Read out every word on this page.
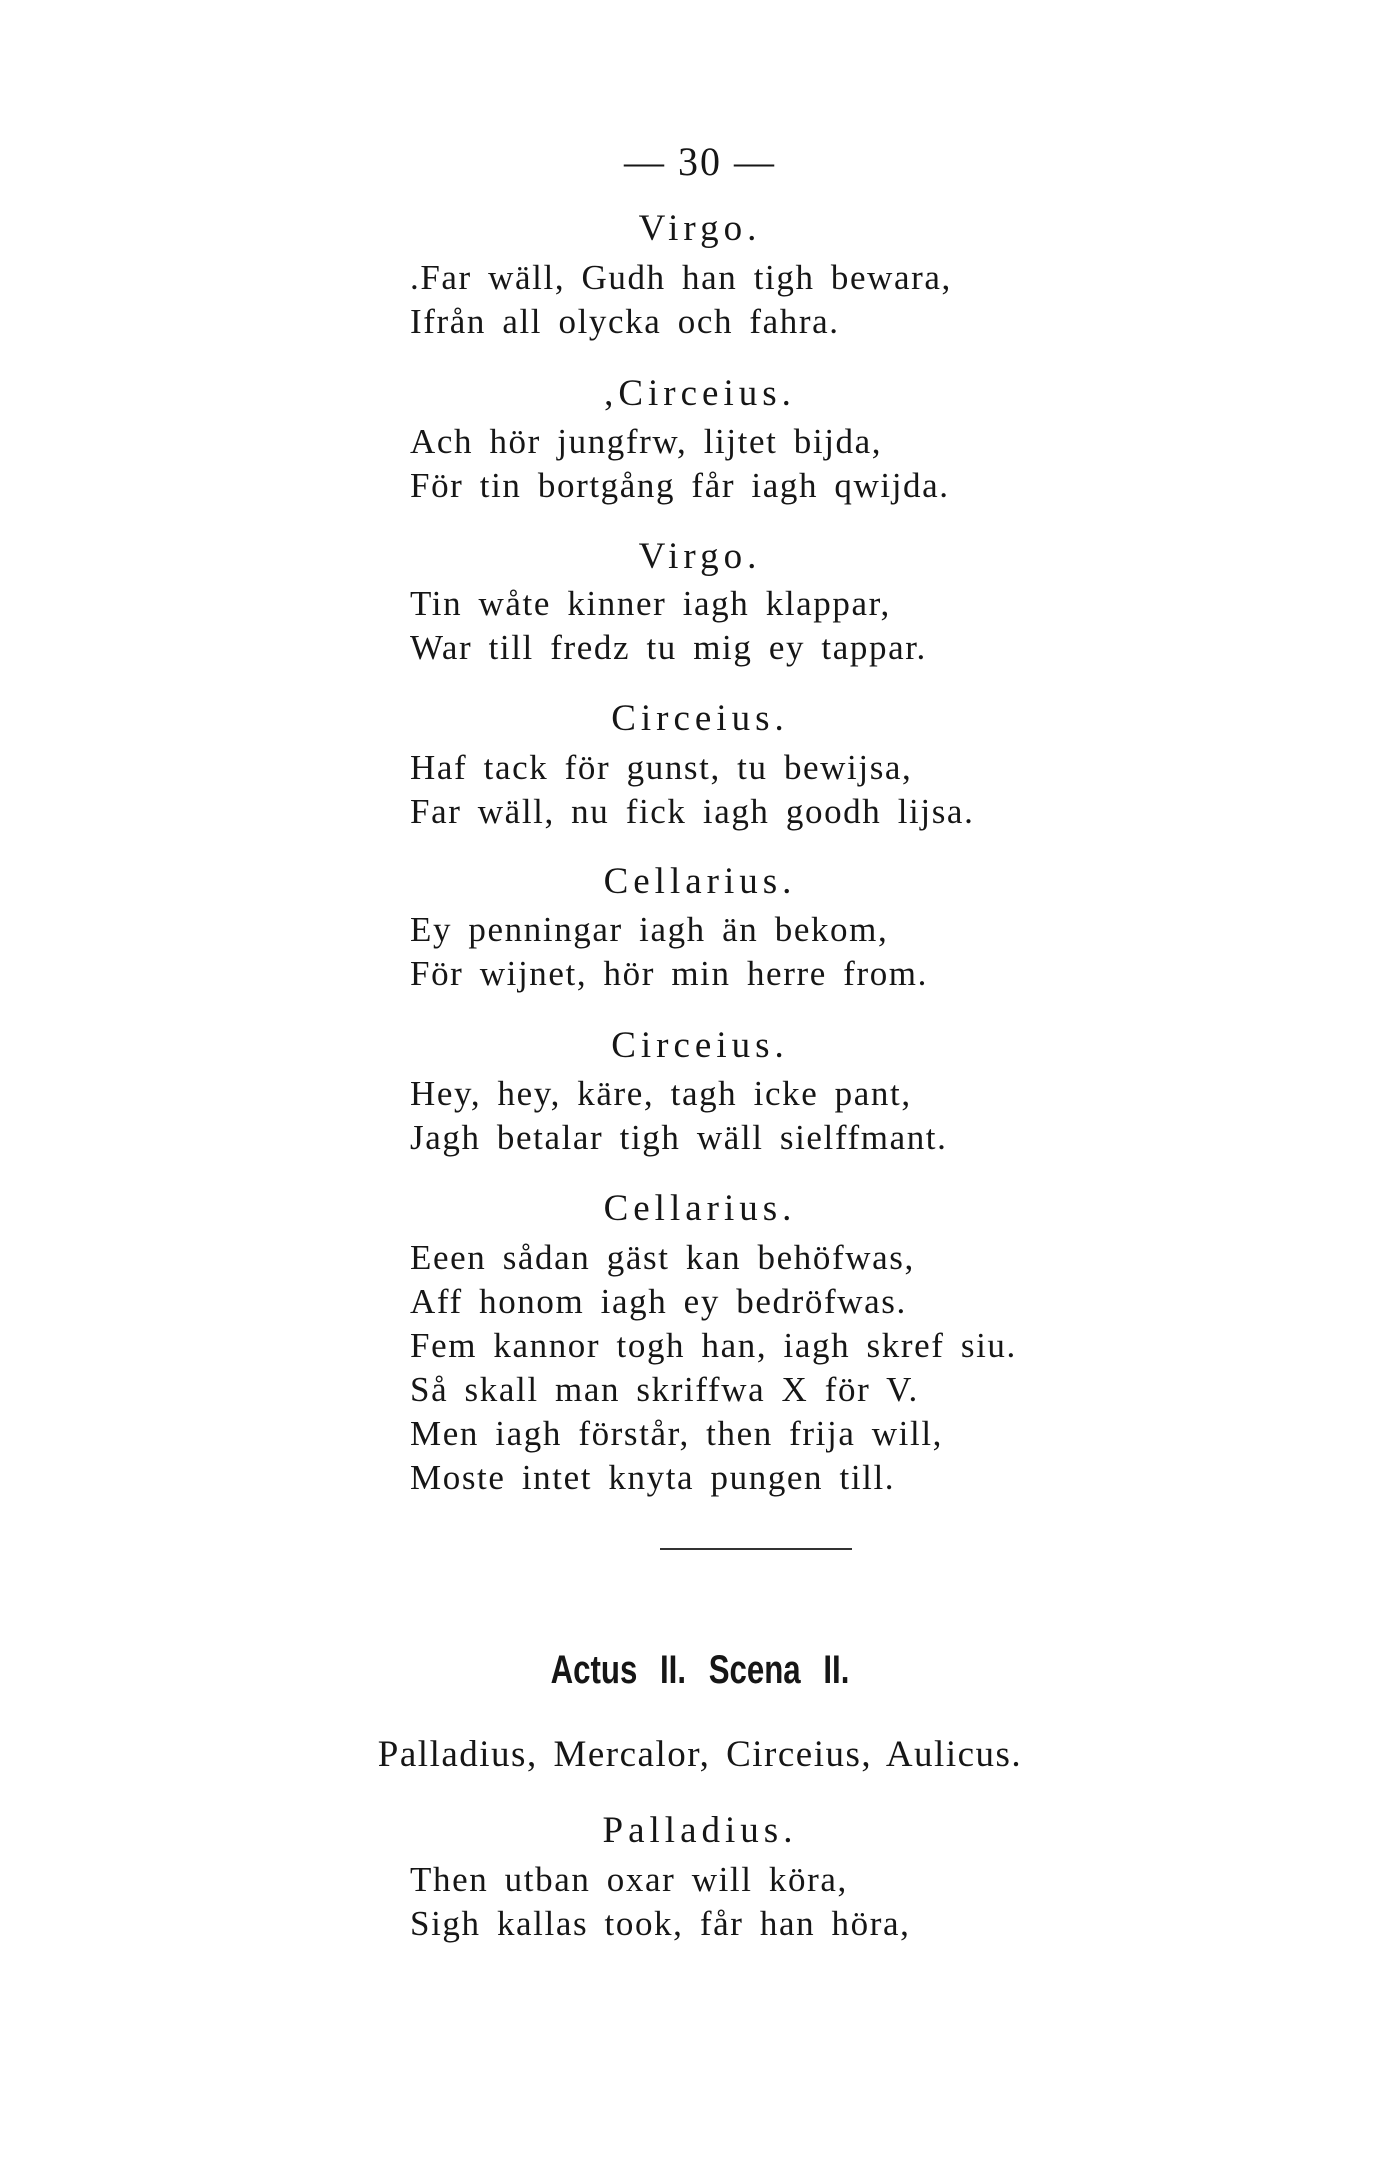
— 30 —
Virgo.
.Far wäll, Gudh han tigh bewara,
Ifrån all olycka och fahra.
,Circeius.
Ach hör jungfrw, lijtet bijda,
För tin bortgång får iagh qwijda.
Virgo.
Tin wåte kinner iagh klappar,
War till fredz tu mig ey tappar.
Circeius.
Haf tack för gunst, tu bewijsa,
Far wäll, nu fick iagh goodh lijsa.
Cellarius.
Ey penningar iagh än bekom,
För wijnet, hör min herre from.
Circeius.
Hey, hey, käre, tagh icke pant,
Jagh betalar tigh wäll sielffmant.
Cellarius.
Eeen sådan gäst kan behöfwas,
Aff honom iagh ey bedröfwas.
Fem kannor togh han, iagh skref siu.
Så skall man skriffwa X för V.
Men iagh förstår, then frija will,
Moste intet knyta pungen till.
Actus II. Scena II.
Palladius, Mercalor, Circeius, Aulicus.
Palladius.
Then utban oxar will köra,
Sigh kallas took, får han höra,
